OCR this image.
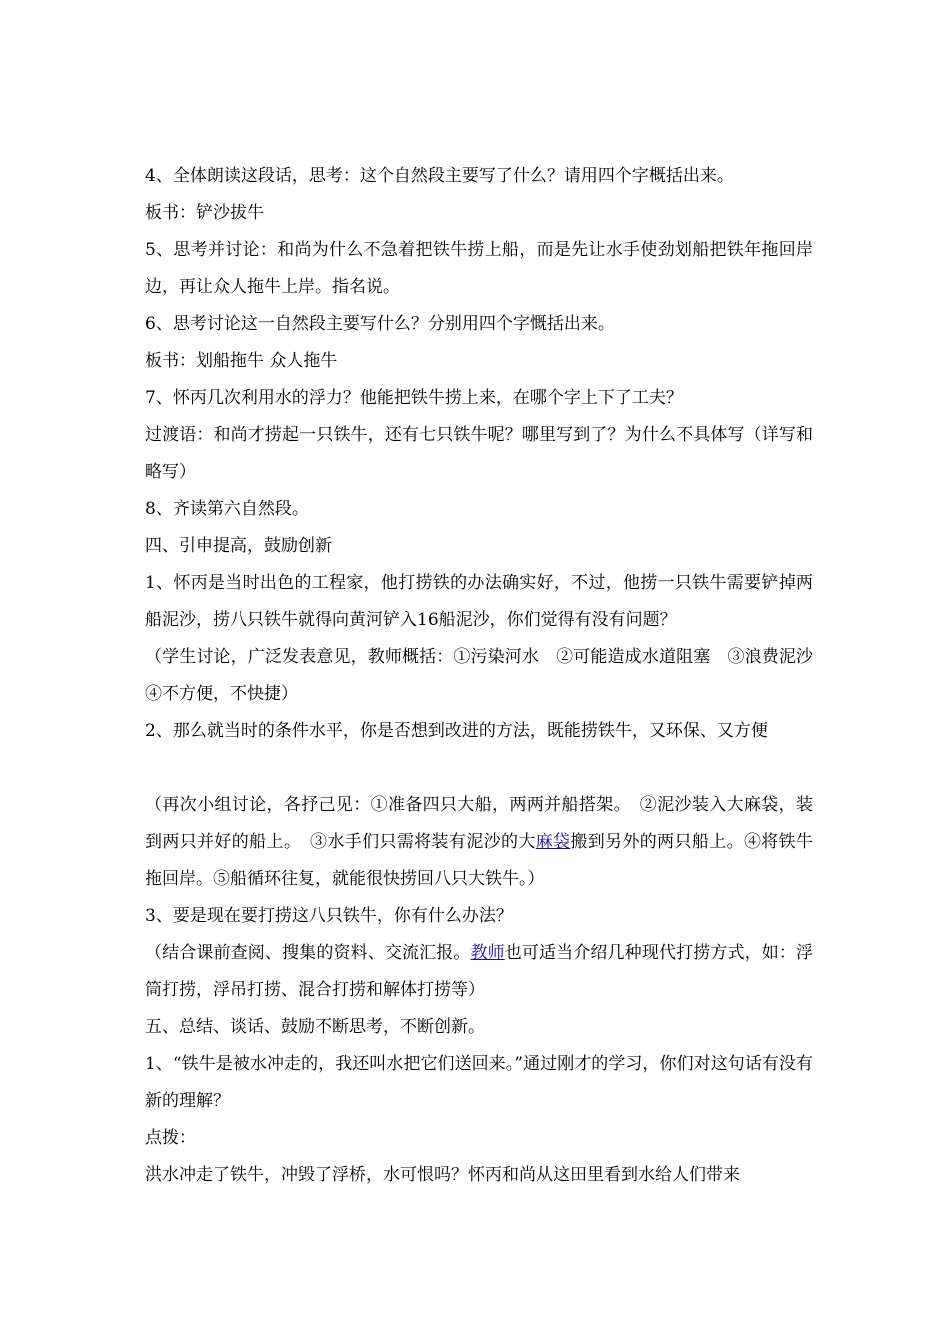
4、全体朗读这段话，思考：这个自然段主要写了什么？请用四个字概括出来。

板书：铲沙拔牛

5、思考并讨论：和尚为什么不急着把铁牛捞上船，而是先让水手使劲划船把铁年拖回岸边，再让众人拖牛上岸。指名说。

6、思考讨论这一自然段主要写什么？分别用四个字慨括出来。

板书：划船拖牛 众人拖牛

7、怀丙几次利用水的浮力？他能把铁牛捞上来，在哪个字上下了工夫？

过渡语：和尚才捞起一只铁牛，还有七只铁牛呢？哪里写到了？为什么不具体写（详写和略写）

8、齐读第六自然段。

四、引申提高，鼓励创新

1、怀丙是当时出色的工程家，他打捞铁的办法确实好，不过，他捞一只铁牛需要铲掉两船泥沙，捞八只铁牛就得向黄河铲入16船泥沙，你们觉得有没有问题？

（学生讨论，广泛发表意见，教师概括：①污染河水　②可能造成水道阻塞　③浪费泥沙　④不方便，不快捷）

2、那么就当时的条件水平，你是否想到改进的方法，既能捞铁牛，又环保、又方便

（再次小组讨论，各抒己见：①准备四只大船，两两并船搭架。　②泥沙装入大麻袋，装到两只并好的船上。　③水手们只需将装有泥沙的大麻袋搬到另外的两只船上。④将铁牛拖回岸。⑤船循环往复，就能很快捞回八只大铁牛。）

3、要是现在要打捞这八只铁牛，你有什么办法？

（结合课前查阅、搜集的资料、交流汇报。教师也可适当介绍几种现代打捞方式，如：浮筒打捞，浮吊打捞、混合打捞和解体打捞等）

五、总结、谈话、鼓励不断思考，不断创新。

1、“铁牛是被水冲走的，我还叫水把它们送回来。”通过刚才的学习，你们对这句话有没有新的理解？

点拨：

洪水冲走了铁牛，冲毁了浮桥，水可恨吗？怀丙和尚从这田里看到水给人们带来
